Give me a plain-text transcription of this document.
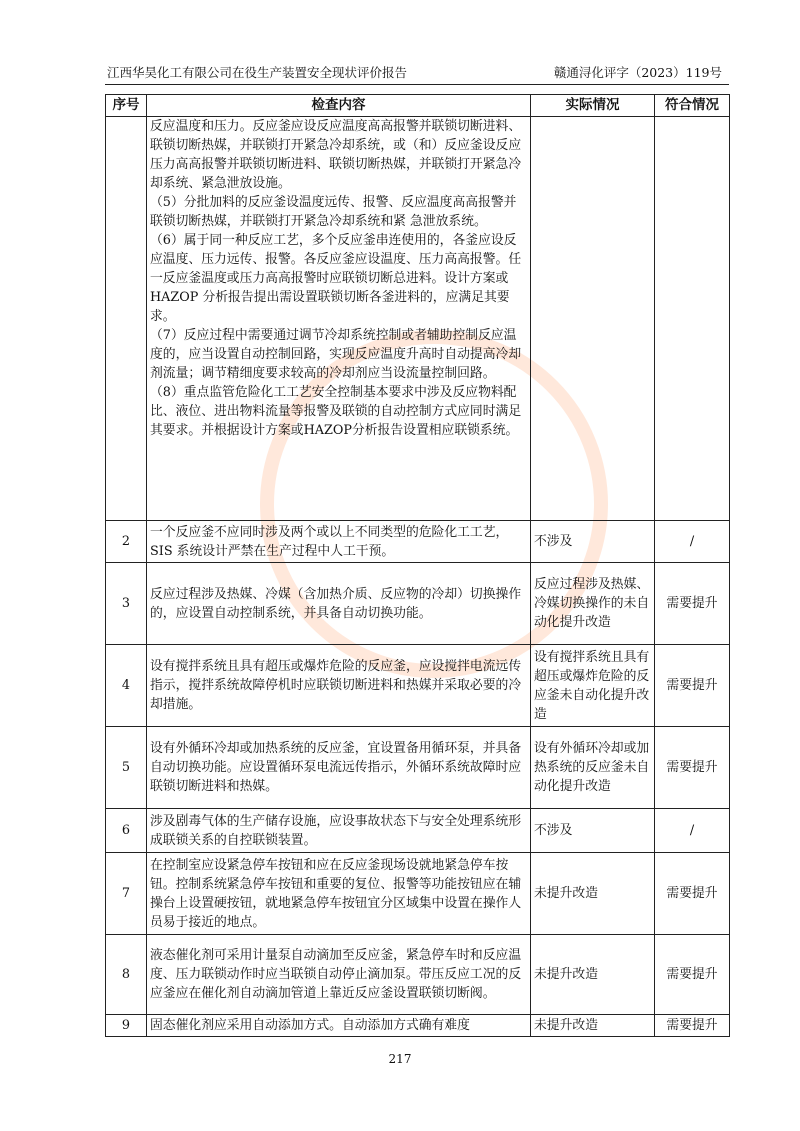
江西华昊化工有限公司在役生产装置安全现状评价报告	赣通浔化评字（2023）119号
序号	检查内容	实际情况	符合情况

	反应温度和压力。反应釜应设反应温度高高报警并联锁切断进料、联锁切断热媒，并联锁打开紧急冷却系统，或（和）反应釜设反应压力高高报警并联锁切断进料、联锁切断热媒，并联锁打开紧急冷却系统、紧急泄放设施。

（5）分批加料的反应釜设温度远传、报警、反应温度高高报警并联锁切断热媒，并联锁打开紧急冷却系统和紧 急泄放系统。

（6）属于同一种反应工艺，多个反应釜串连使用的，各釜应设反应温度、压力远传、报警。各反应釜应设温度、压力高高报警。任一反应釜温度或压力高高报警时应联锁切断总进料。设计方案或 HAZOP 分析报告提出需设置联锁切断各釜进料的，应满足其要求。

（7）反应过程中需要通过调节冷却系统控制或者辅助控制反应温度的，应当设置自动控制回路，实现反应温度升高时自动提高冷却剂流量；调节精细度要求较高的冷却剂应当设流量控制回路。

（8）重点监管危险化工工艺安全控制基本要求中涉及反应物料配比、液位、进出物料流量等报警及联锁的自动控制方式应同时满足其要求。并根据设计方案或HAZOP分析报告设置相应联锁系统。		

2	一个反应釜不应同时涉及两个或以上不同类型的危险化工工艺，SIS 系统设计严禁在生产过程中人工干预。	不涉及	/
3	反应过程涉及热媒、冷媒（含加热介质、反应物的冷却）切换操作的，应设置自动控制系统，并具备自动切换功能。	反应过程涉及热媒、冷媒切换操作的未自动化提升改造	需要提升
4	设有搅拌系统且具有超压或爆炸危险的反应釜，应设搅拌电流远传指示，搅拌系统故障停机时应联锁切断进料和热媒并采取必要的冷却措施。	设有搅拌系统且具有超压或爆炸危险的反应釜未自动化提升改造	需要提升
5	设有外循环冷却或加热系统的反应釜，宜设置备用循环泵，并具备自动切换功能。应设置循环泵电流远传指示，外循环系统故障时应联锁切断进料和热媒。	设有外循环冷却或加热系统的反应釜未自动化提升改造	需要提升
6	涉及剧毒气体的生产储存设施，应设事故状态下与安全处理系统形成联锁关系的自控联锁装置。	不涉及	/
7	在控制室应设紧急停车按钮和应在反应釜现场设就地紧急停车按钮。控制系统紧急停车按钮和重要的复位、报警等功能按钮应在辅操台上设置硬按钮，就地紧急停车按钮宜分区域集中设置在操作人员易于接近的地点。	未提升改造	需要提升
8	液态催化剂可采用计量泵自动滴加至反应釜，紧急停车时和反应温度、压力联锁动作时应当联锁自动停止滴加泵。带压反应工况的反应釜应在催化剂自动滴加管道上靠近反应釜设置联锁切断阀。	未提升改造	需要提升
9	固态催化剂应采用自动添加方式。自动添加方式确有难度	未提升改造	需要提升
217
